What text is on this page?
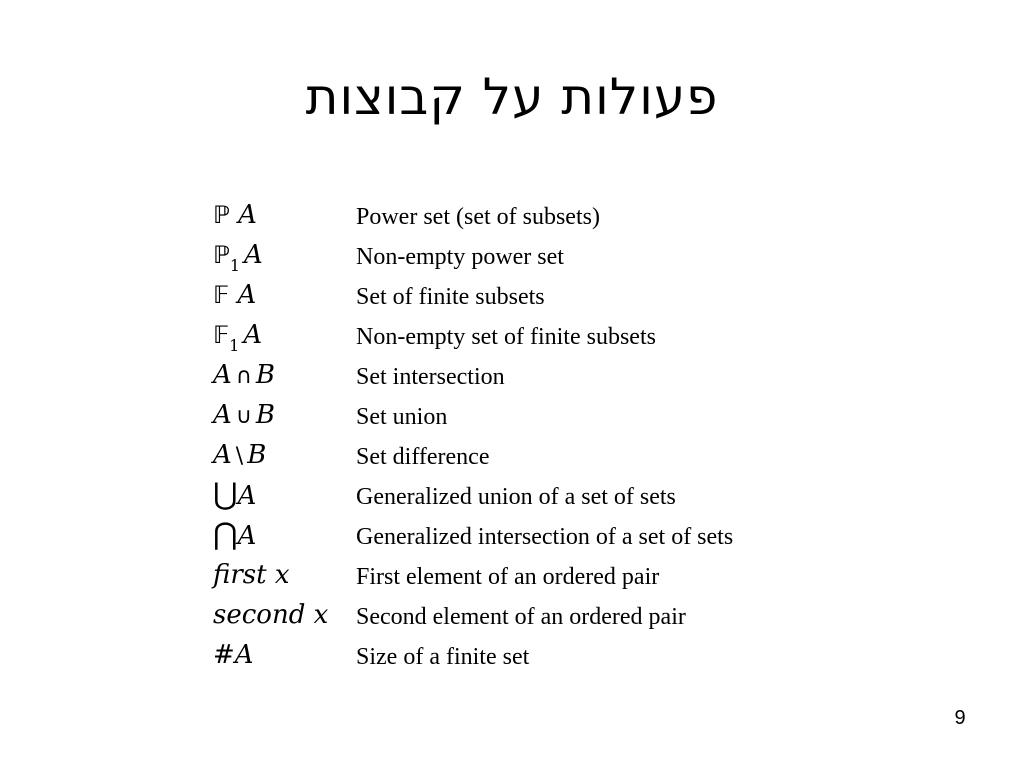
פעולות על קבוצות
ℙ A	Power set (set of subsets)
ℙ$_1$ A	Non-empty power set
𝔽 A	Set of finite subsets
𝔽$_1$ A	Non-empty set of finite subsets
A ∩ B	Set intersection
A ∪ B	Set union
A \ B	Set difference
⋃A	Generalized union of a set of sets
⋂A	Generalized intersection of a set of sets
first x	First element of an ordered pair
second x	Second element of an ordered pair
#A	Size of a finite set
9
